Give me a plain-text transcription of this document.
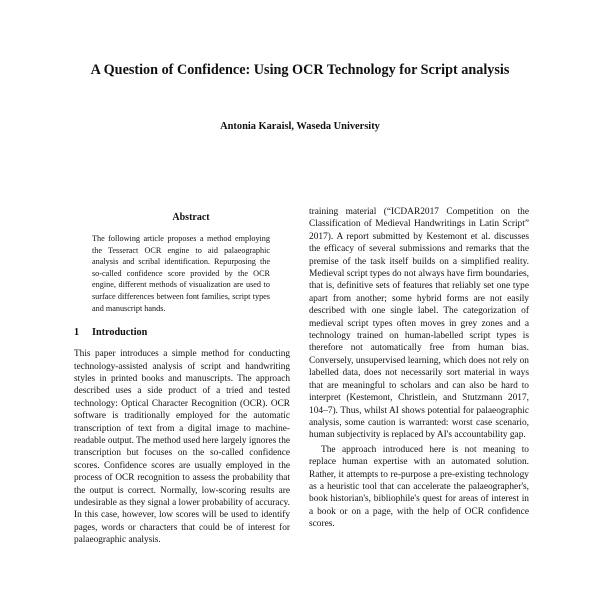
A Question of Confidence: Using OCR Technology for Script analysis
Antonia Karaisl, Waseda University
Abstract

The following article proposes a method employing the Tesseract OCR engine to aid palaeographic analysis and scribal identification. Repurposing the so-called confidence score provided by the OCR engine, different methods of visualization are used to surface differences between font families, script types and manuscript hands.

1 Introduction

This paper introduces a simple method for conducting technology-assisted analysis of script and handwriting styles in printed books and manuscripts. The approach described uses a side product of a tried and tested technology: Optical Character Recognition (OCR). OCR software is traditionally employed for the automatic transcription of text from a digital image to machine-readable output. The method used here largely ignores the transcription but focuses on the so-called confidence scores. Confidence scores are usually employed in the process of OCR recognition to assess the probability that the output is correct. Normally, low-scoring results are undesirable as they signal a lower probability of accuracy. In this case, however, low scores will be used to identify pages, words or characters that could be of interest for palaeographic analysis.

training material (“ICDAR2017 Competition on the Classification of Medieval Handwritings in Latin Script” 2017). A report submitted by Kestemont et al. discusses the efficacy of several submissions and remarks that the premise of the task itself builds on a simplified reality. Medieval script types do not always have firm boundaries, that is, definitive sets of features that reliably set one type apart from another; some hybrid forms are not easily described with one single label. The categorization of medieval script types often moves in grey zones and a technology trained on human-labelled script types is therefore not automatically free from human bias. Conversely, unsupervised learning, which does not rely on labelled data, does not necessarily sort material in ways that are meaningful to scholars and can also be hard to interpret (Kestemont, Christlein, and Stutzmann 2017, 104–7). Thus, whilst AI shows potential for palaeographic analysis, some caution is warranted: worst case scenario, human subjectivity is replaced by AI's accountability gap.

The approach introduced here is not meaning to replace human expertise with an automated solution. Rather, it attempts to re-purpose a pre-existing technology as a heuristic tool that can accelerate the palaeographer's, book historian's, bibliophile's quest for areas of interest in a book or on a page, with the help of OCR confidence scores.
